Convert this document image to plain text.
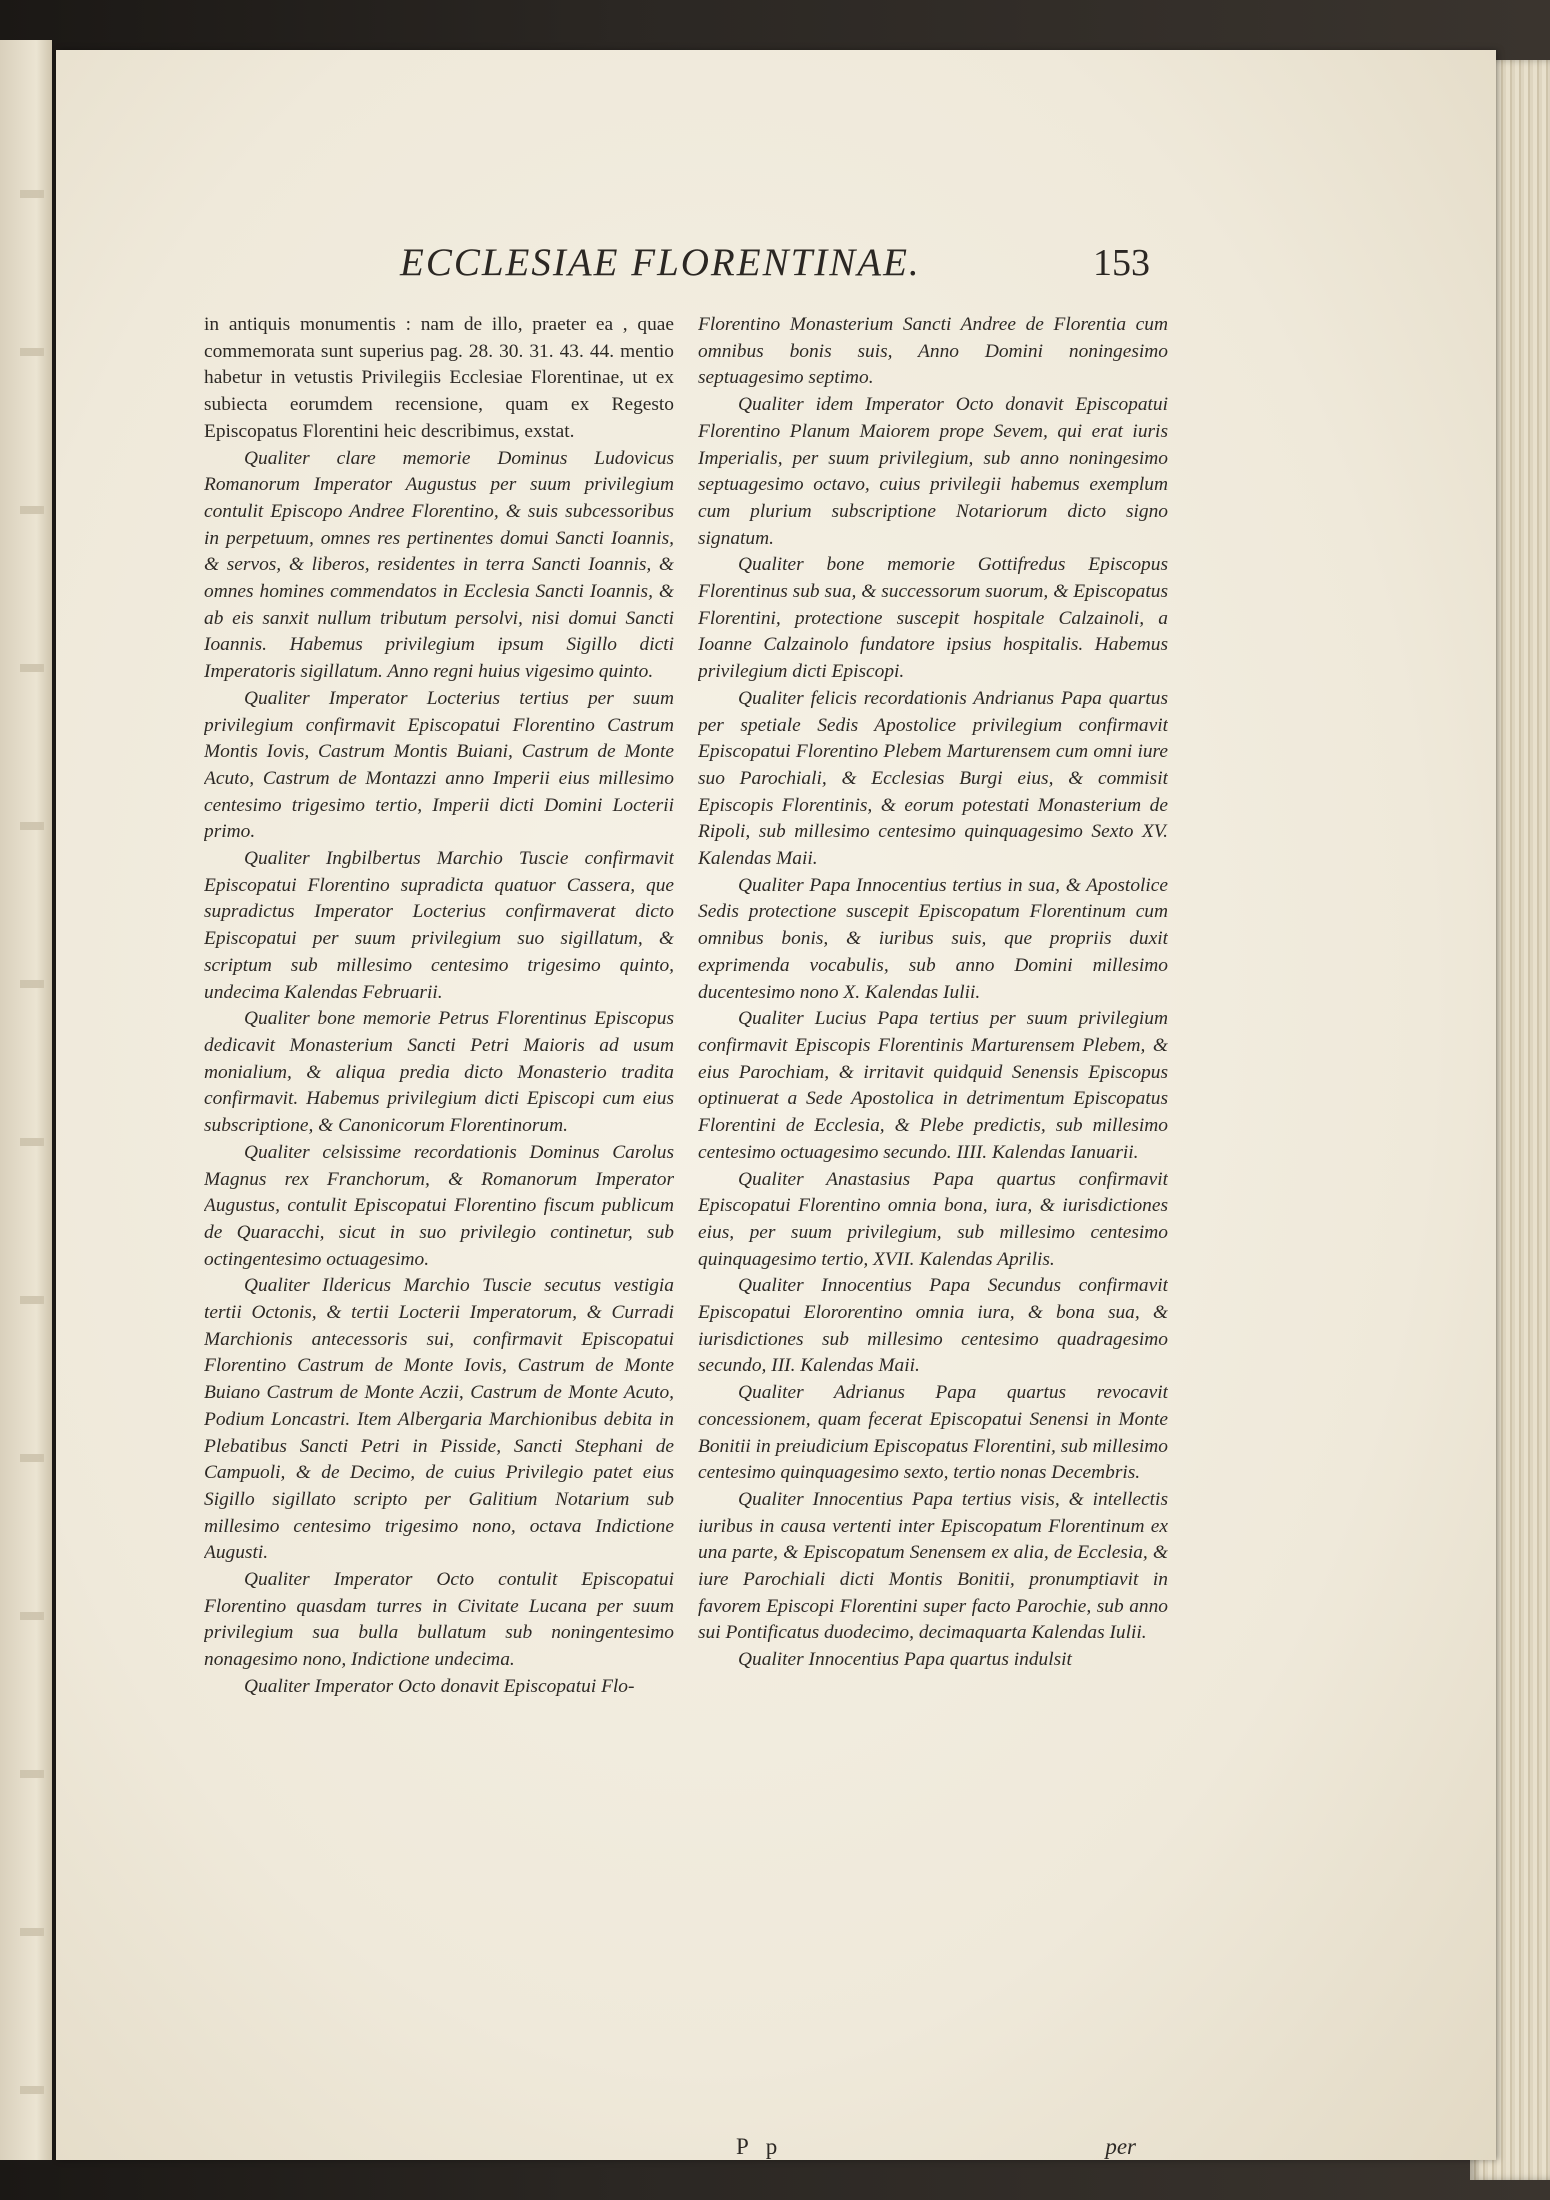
ECCLESIAE FLORENTINAE.	153

in antiquis monumentis : nam de illo, praeter ea , quae commemorata sunt superius pag. 28. 30. 31. 43. 44. mentio habetur in vetustis Privilegiis Ecclesiae Florentinae, ut ex subiecta eorumdem recensione, quam ex Regesto Episcopatus Florentini heic describimus, exstat.

Qualiter clare memorie Dominus Ludovicus Romanorum Imperator Augustus per suum privilegium contulit Episcopo Andree Florentino, & suis subcessoribus in perpetuum, omnes res pertinentes domui Sancti Ioannis, & servos, & liberos, residentes in terra Sancti Ioannis, & omnes homines commendatos in Ecclesia Sancti Ioannis, & ab eis sanxit nullum tributum persolvi, nisi domui Sancti Ioannis. Habemus privilegium ipsum Sigillo dicti Imperatoris sigillatum. Anno regni huius vigesimo quinto.

Qualiter Imperator Locterius tertius per suum privilegium confirmavit Episcopatui Florentino Castrum Montis Iovis, Castrum Montis Buiani, Castrum de Monte Acuto, Castrum de Montazzi anno Imperii eius millesimo centesimo trigesimo tertio, Imperii dicti Domini Locterii primo.

Qualiter Ingbilbertus Marchio Tuscie confirmavit Episcopatui Florentino supradicta quatuor Cassera, que supradictus Imperator Locterius confirmaverat dicto Episcopatui per suum privilegium suo sigillatum, & scriptum sub millesimo centesimo trigesimo quinto, undecima Kalendas Februarii.

Qualiter bone memorie Petrus Florentinus Episcopus dedicavit Monasterium Sancti Petri Maioris ad usum monialium, & aliqua predia dicto Monasterio tradita confirmavit. Habemus privilegium dicti Episcopi cum eius subscriptione, & Canonicorum Florentinorum.

Qualiter celsissime recordationis Dominus Carolus Magnus rex Franchorum, & Romanorum Imperator Augustus, contulit Episcopatui Florentino fiscum publicum de Quaracchi, sicut in suo privilegio continetur, sub octingentesimo octuagesimo.

Qualiter Ildericus Marchio Tuscie secutus vestigia tertii Octonis, & tertii Locterii Imperatorum, & Curradi Marchionis antecessoris sui, confirmavit Episcopatui Florentino Castrum de Monte Iovis, Castrum de Monte Buiano Castrum de Monte Aczii, Castrum de Monte Acuto, Podium Loncastri. Item Albergaria Marchionibus debita in Plebatibus Sancti Petri in Pisside, Sancti Stephani de Campuoli, & de Decimo, de cuius Privilegio patet eius Sigillo sigillato scripto per Galitium Notarium sub millesimo centesimo trigesimo nono, octava Indictione Augusti.

Qualiter Imperator Octo contulit Episcopatui Florentino quasdam turres in Civitate Lucana per suum privilegium sua bulla bullatum sub noningentesimo nonagesimo nono, Indictione undecima.

Qualiter Imperator Octo donavit Episcopatui Flo-

Florentino Monasterium Sancti Andree de Florentia cum omnibus bonis suis, Anno Domini noningesimo septuagesimo septimo.

Qualiter idem Imperator Octo donavit Episcopatui Florentino Planum Maiorem prope Sevem, qui erat iuris Imperialis, per suum privilegium, sub anno noningesimo septuagesimo octavo, cuius privilegii habemus exemplum cum plurium subscriptione Notariorum dicto signo signatum.

Qualiter bone memorie Gottifredus Episcopus Florentinus sub sua, & successorum suorum, & Episcopatus Florentini, protectione suscepit hospitale Calzainoli, a Ioanne Calzainolo fundatore ipsius hospitalis. Habemus privilegium dicti Episcopi.

Qualiter felicis recordationis Andrianus Papa quartus per spetiale Sedis Apostolice privilegium confirmavit Episcopatui Florentino Plebem Marturensem cum omni iure suo Parochiali, & Ecclesias Burgi eius, & commisit Episcopis Florentinis, & eorum potestati Monasterium de Ripoli, sub millesimo centesimo quinquagesimo Sexto XV. Kalendas Maii.

Qualiter Papa Innocentius tertius in sua, & Apostolice Sedis protectione suscepit Episcopatum Florentinum cum omnibus bonis, & iuribus suis, que propriis duxit exprimenda vocabulis, sub anno Domini millesimo ducentesimo nono X. Kalendas Iulii.

Qualiter Lucius Papa tertius per suum privilegium confirmavit Episcopis Florentinis Marturensem Plebem, & eius Parochiam, & irritavit quidquid Senensis Episcopus optinuerat a Sede Apostolica in detrimentum Episcopatus Florentini de Ecclesia, & Plebe predictis, sub millesimo centesimo octuagesimo secundo. IIII. Kalendas Ianuarii.

Qualiter Anastasius Papa quartus confirmavit Episcopatui Florentino omnia bona, iura, & iurisdictiones eius, per suum privilegium, sub millesimo centesimo quinquagesimo tertio, XVII. Kalendas Aprilis.

Qualiter Innocentius Papa Secundus confirmavit Episcopatui Elororentino omnia iura, & bona sua, & iurisdictiones sub millesimo centesimo quadragesimo secundo, III. Kalendas Maii.

Qualiter Adrianus Papa quartus revocavit concessionem, quam fecerat Episcopatui Senensi in Monte Bonitii in preiudicium Episcopatus Florentini, sub millesimo centesimo quinquagesimo sexto, tertio nonas Decembris.

Qualiter Innocentius Papa tertius visis, & intellectis iuribus in causa vertenti inter Episcopatum Florentinum ex una parte, & Episcopatum Senensem ex alia, de Ecclesia, & iure Parochiali dicti Montis Bonitii, pronumptiavit in favorem Episcopi Florentini super facto Parochie, sub anno sui Pontificatus duodecimo, decimaquarta Kalendas Iulii.

Qualiter Innocentius Papa quartus indulsit

P p	per
